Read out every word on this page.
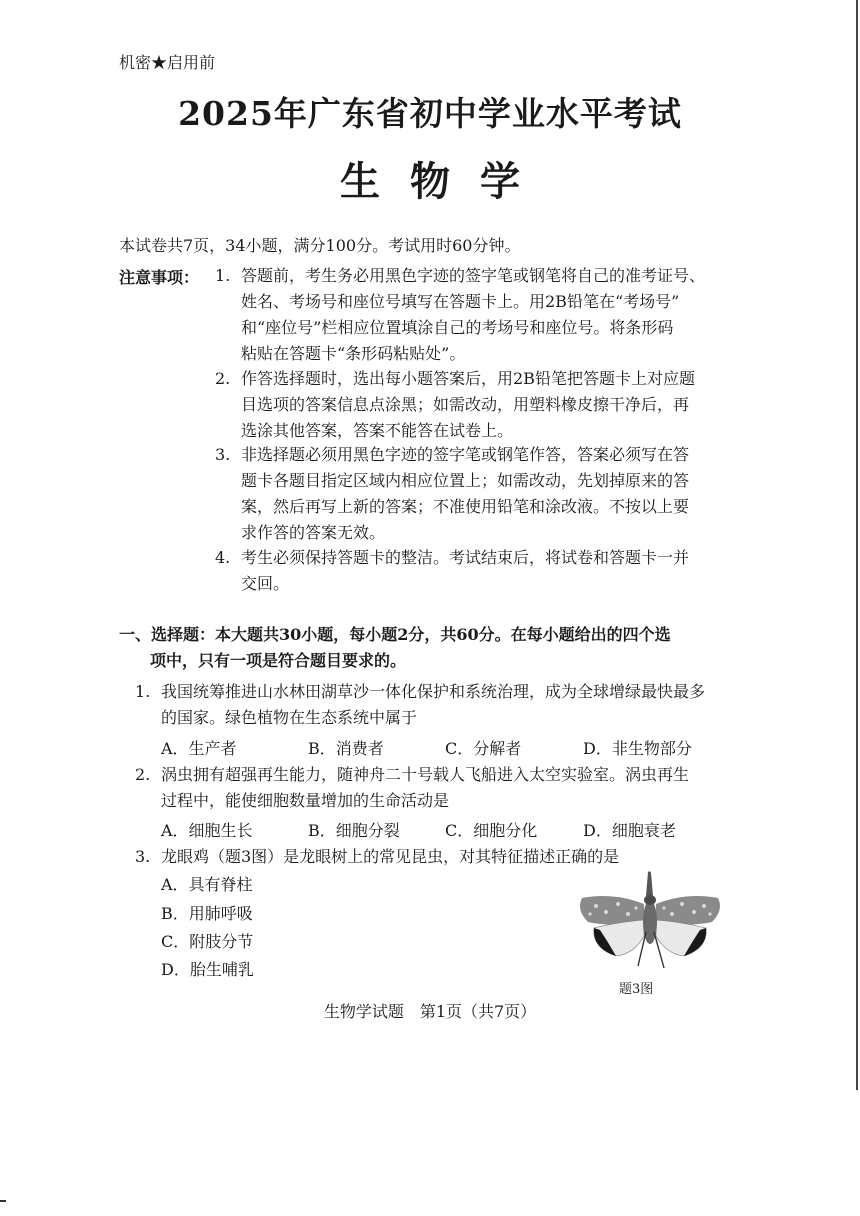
机密★启用前
2025年广东省初中学业水平考试
生物学
本试卷共7页，34小题，满分100分。考试用时60分钟。
注意事项： 1. 答题前，考生务必用黑色字迹的签字笔或钢笔将自己的准考证号、
姓名、考场号和座位号填写在答题卡上。用2B铅笔在“考场号”
和“座位号”栏相应位置填涂自己的考场号和座位号。将条形码
粘贴在答题卡“条形码粘贴处”。
2. 作答选择题时，选出每小题答案后，用2B铅笔把答题卡上对应题
目选项的答案信息点涂黑；如需改动，用塑料橡皮擦干净后，再
选涂其他答案，答案不能答在试卷上。
3. 非选择题必须用黑色字迹的签字笔或钢笔作答，答案必须写在答
题卡各题目指定区域内相应位置上；如需改动，先划掉原来的答
案，然后再写上新的答案；不准使用铅笔和涂改液。不按以上要
求作答的答案无效。
4. 考生必须保持答题卡的整洁。考试结束后，将试卷和答题卡一并
交回。
一、选择题：本大题共30小题，每小题2分，共60分。在每小题给出的四个选
项中，只有一项是符合题目要求的。
1. 我国统筹推进山水林田湖草沙一体化保护和系统治理，成为全球增绿最快最多
的国家。绿色植物在生态系统中属于
A．生产者	B．消费者	C．分解者	D．非生物部分
2. 涡虫拥有超强再生能力，随神舟二十号载人飞船进入太空实验室。涡虫再生
过程中，能使细胞数量增加的生命活动是
A．细胞生长	B．细胞分裂	C．细胞分化	D．细胞衰老
3. 龙眼鸡（题3图）是龙眼树上的常见昆虫，对其特征描述正确的是
A．具有脊柱
B．用肺呼吸
C．附肢分节
D．胎生哺乳
题3图
生物学试题　第1页（共7页）
